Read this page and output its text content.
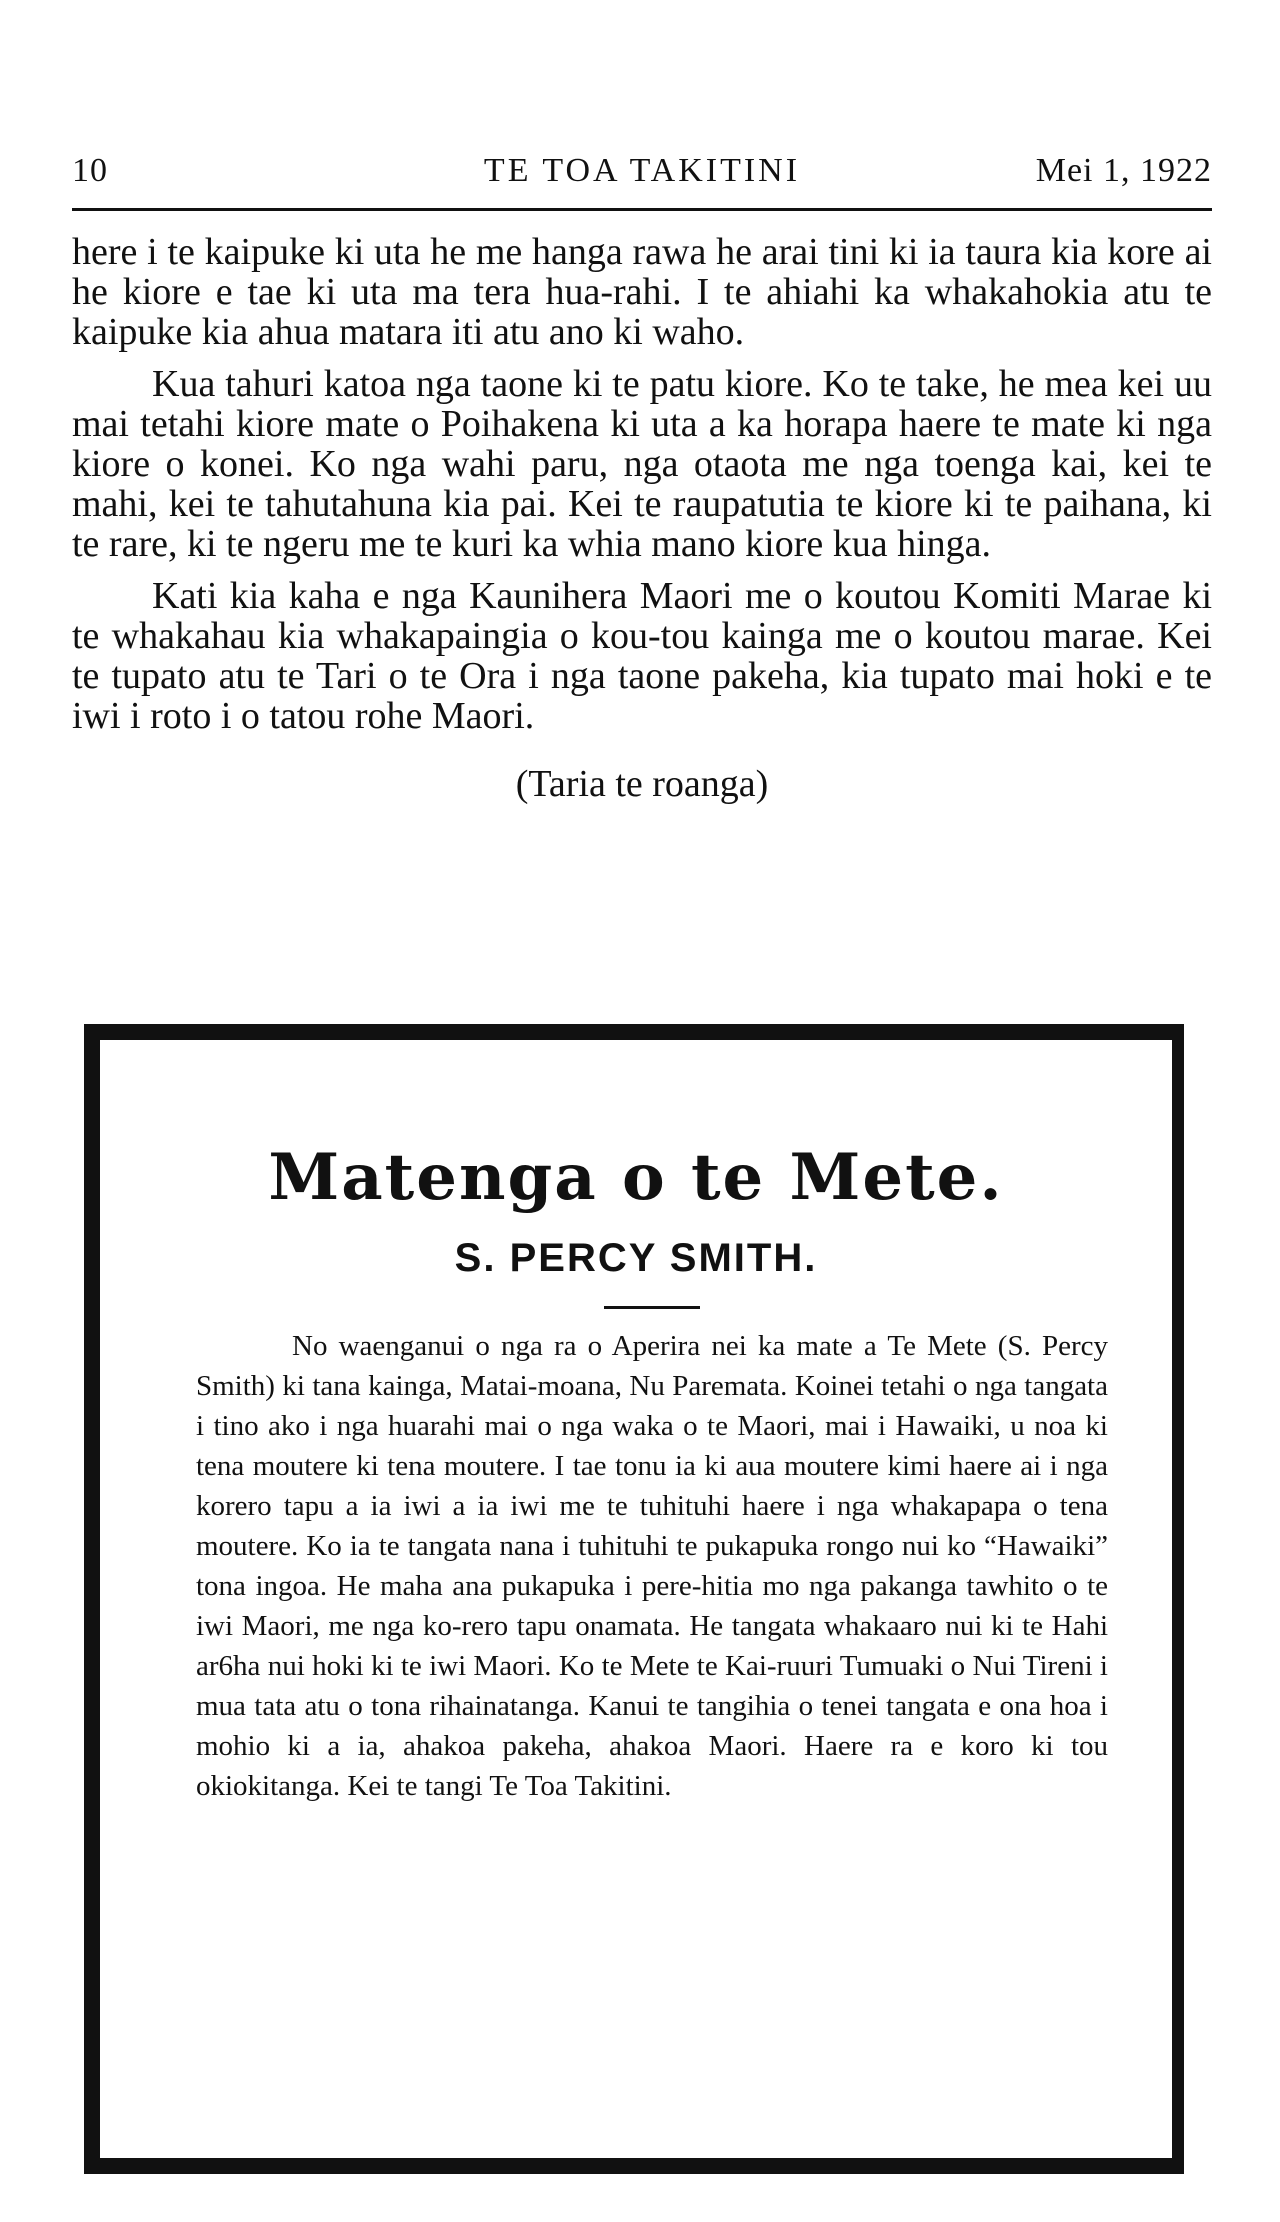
10	TE TOA TAKITINI	Mei 1, 1922

here i te kaipuke ki uta he me hanga rawa he arai tini ki ia taura kia kore ai he kiore e tae ki uta ma tera hua-rahi. I te ahiahi ka whakahokia atu te kaipuke kia ahua matara iti atu ano ki waho.

Kua tahuri katoa nga taone ki te patu kiore. Ko te take, he mea kei uu mai tetahi kiore mate o Poihakena ki uta a ka horapa haere te mate ki nga kiore o konei. Ko nga wahi paru, nga otaota me nga toenga kai, kei te mahi, kei te tahutahuna kia pai. Kei te raupatutia te kiore ki te paihana, ki te rare, ki te ngeru me te kuri ka whia mano kiore kua hinga.

Kati kia kaha e nga Kaunihera Maori me o koutou Komiti Marae ki te whakahau kia whakapaingia o kou-tou kainga me o koutou marae. Kei te tupato atu te Tari o te Ora i nga taone pakeha, kia tupato mai hoki e te iwi i roto i o tatou rohe Maori.

(Taria te roanga)
Matenga o te Mete.
S. PERCY SMITH.

No waenganui o nga ra o Aperira nei ka mate a Te Mete (S. Percy Smith) ki tana kainga, Matai-moana, Nu Paremata. Koinei tetahi o nga tangata i tino ako i nga huarahi mai o nga waka o te Maori, mai i Hawaiki, u noa ki tena moutere ki tena moutere. I tae tonu ia ki aua moutere kimi haere ai i nga korero tapu a ia iwi a ia iwi me te tuhituhi haere i nga whakapapa o tena moutere. Ko ia te tangata nana i tuhituhi te pukapuka rongo nui ko “Hawaiki” tona ingoa. He maha ana pukapuka i pere-hitia mo nga pakanga tawhito o te iwi Maori, me nga ko-rero tapu onamata. He tangata whakaaro nui ki te Hahi ar6ha nui hoki ki te iwi Maori. Ko te Mete te Kai-ruuri Tumuaki o Nui Tireni i mua tata atu o tona rihainatanga. Kanui te tangihia o tenei tangata e ona hoa i mohio ki a ia, ahakoa pakeha, ahakoa Maori. Haere ra e koro ki tou okiokitanga. Kei te tangi Te Toa Takitini.
